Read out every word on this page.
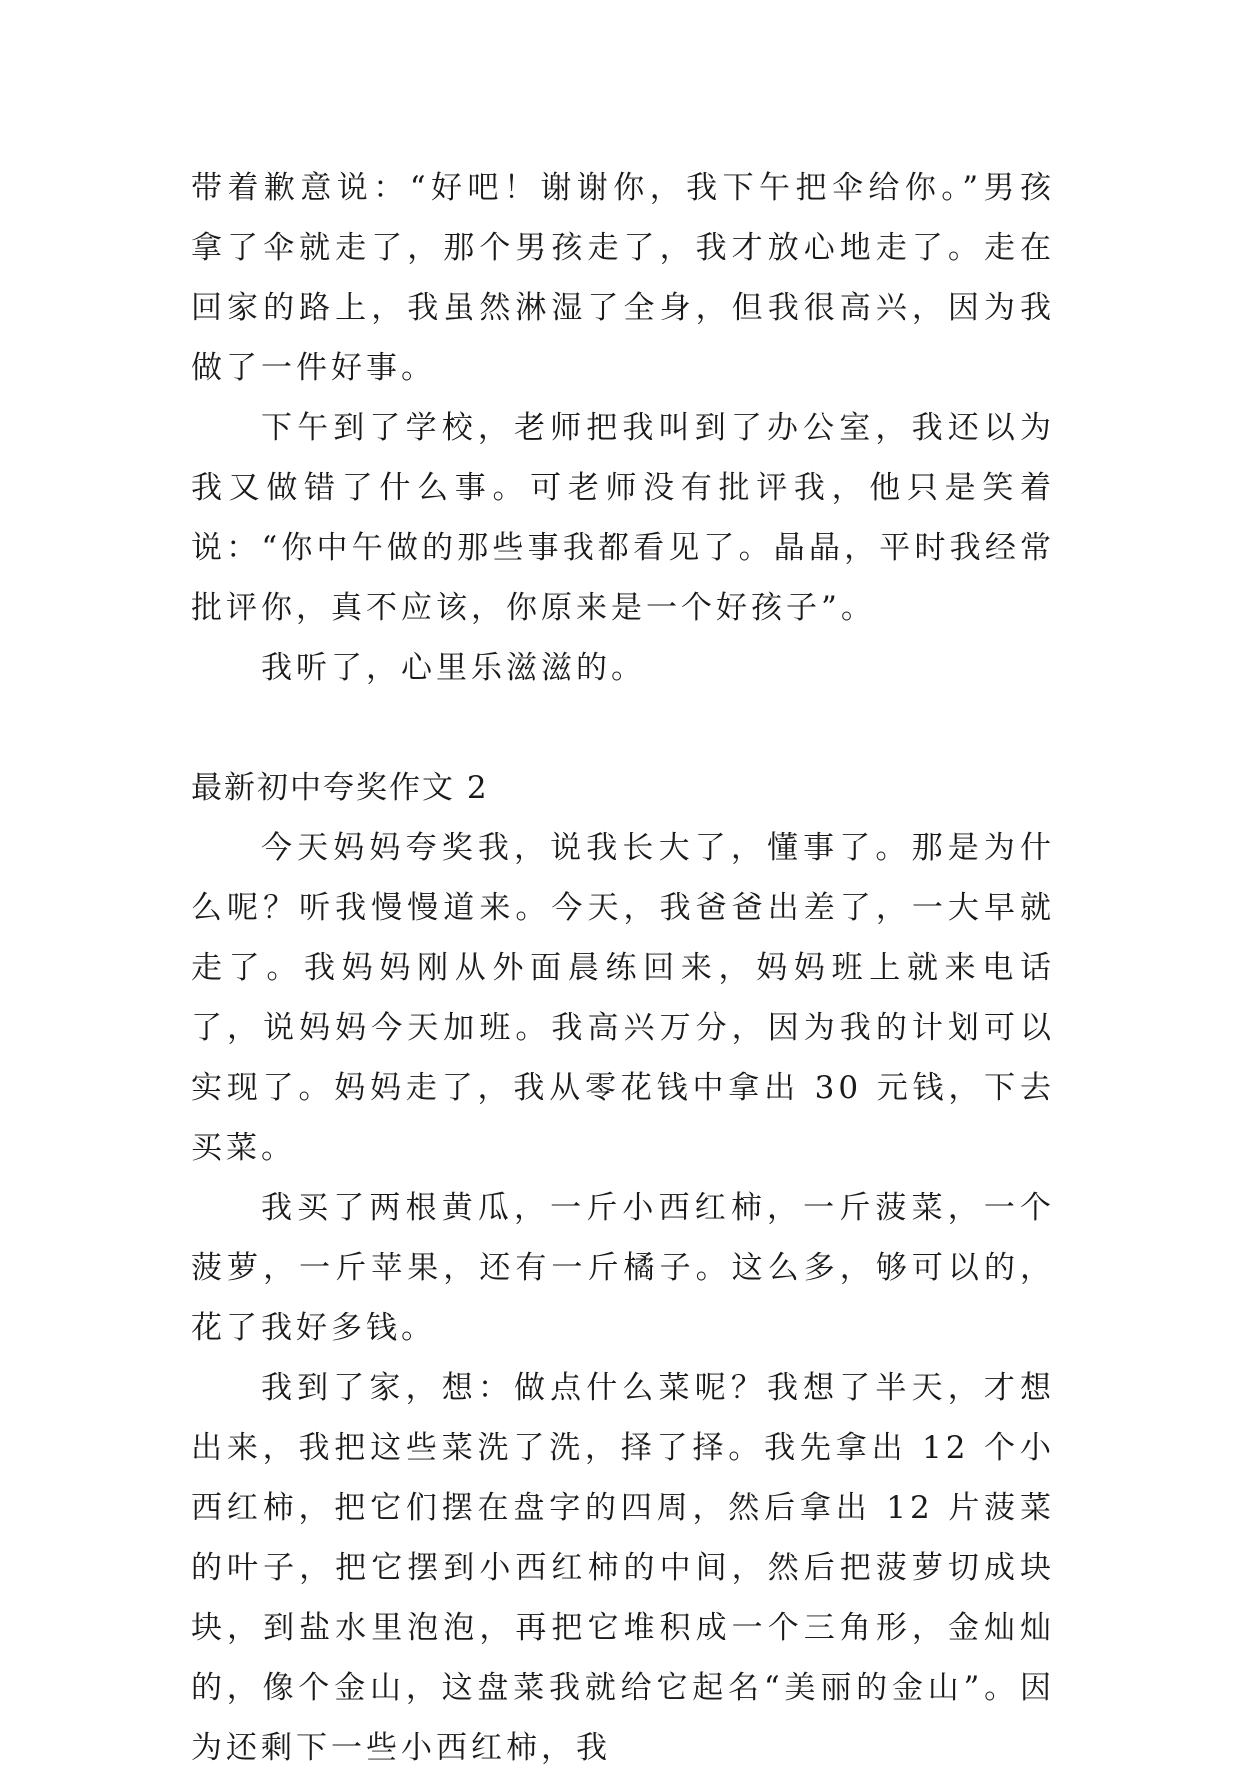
带着歉意说：“好吧！谢谢你，我下午把伞给你。”男孩拿了伞就走了，那个男孩走了，我才放心地走了。走在回家的路上，我虽然淋湿了全身，但我很高兴，因为我做了一件好事。

下午到了学校，老师把我叫到了办公室，我还以为我又做错了什么事。可老师没有批评我，他只是笑着说：“你中午做的那些事我都看见了。晶晶，平时我经常批评你，真不应该，你原来是一个好孩子”。

我听了，心里乐滋滋的。

最新初中夸奖作文 2

今天妈妈夸奖我，说我长大了，懂事了。那是为什么呢？听我慢慢道来。今天，我爸爸出差了，一大早就走了。我妈妈刚从外面晨练回来，妈妈班上就来电话了，说妈妈今天加班。我高兴万分，因为我的计划可以实现了。妈妈走了，我从零花钱中拿出 30 元钱，下去买菜。

我买了两根黄瓜，一斤小西红柿，一斤菠菜，一个菠萝，一斤苹果，还有一斤橘子。这么多，够可以的，花了我好多钱。

我到了家，想：做点什么菜呢？我想了半天，才想出来，我把这些菜洗了洗，择了择。我先拿出 12 个小西红柿，把它们摆在盘字的四周，然后拿出 12 片菠菜的叶子，把它摆到小西红柿的中间，然后把菠萝切成块块，到盐水里泡泡，再把它堆积成一个三角形，金灿灿的，像个金山，这盘菜我就给它起名“美丽的金山”。因为还剩下一些小西红柿，我
